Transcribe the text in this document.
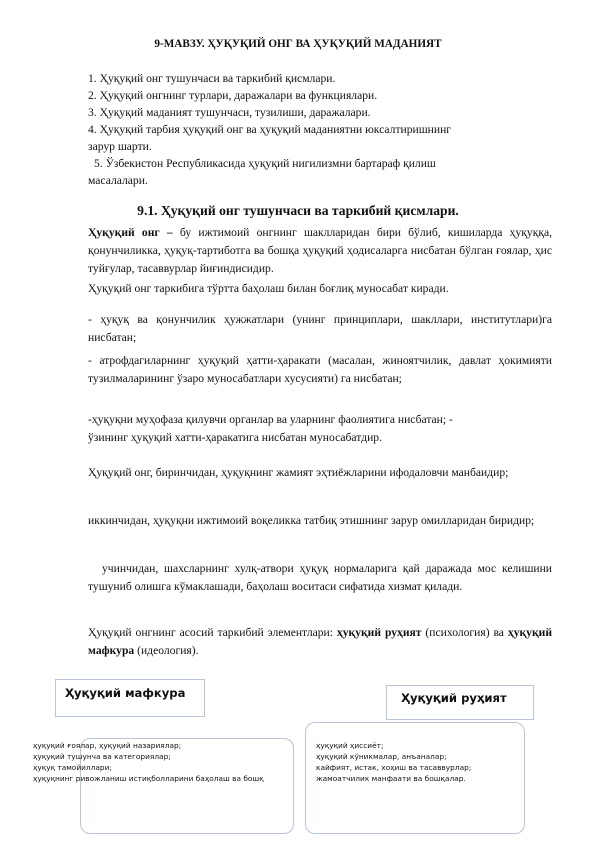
9-МАВЗУ. ҲУҚУҚИЙ ОНГ ВА ҲУҚУҚИЙ МАДАНИЯТ
1. Ҳуқуқий онг тушунчаси ва таркибий қисмлари.
2. Ҳуқуқий онгнинг турлари, даражалари ва функциялари.
3. Ҳуқуқий маданият тушунчаси, тузилиши, даражалари.
4. Ҳуқуқий тарбия ҳуқуқий онг ва ҳуқуқий маданиятни юксалтиришнинг
зарур шарти.
5. Ўзбекистон Республикасида ҳуқуқий нигилизмни бартараф қилиш
масалалари.
9.1. Ҳуқуқий онг тушунчаси ва таркибий қисмлари.
Ҳуқуқий онг – бу ижтимоий онгнинг шаклларидан бири бўлиб, кишиларда ҳуқуққа, қонунчиликка, ҳуқуқ-тартиботга ва бошқа ҳуқуқий ҳодисаларга нисбатан бўлган ғоялар, ҳис туйғулар, тасаввурлар йиғиндисидир.
Ҳуқуқий онг таркибига тўртта баҳолаш билан боғлиқ муносабат киради.
- ҳуқуқ ва қонунчилик ҳужжатлари (унинг принциплари, шакллари, институтлари)га нисбатан;
- атрофдагиларнинг ҳуқуқий ҳатти-ҳаракати (масалан, жиноятчилик, давлат ҳокимияти тузилмаларининг ўзаро муносабатлари хусусияти) га нисбатан;
-ҳуқуқни муҳофаза қилувчи органлар ва уларнинг фаолиятига нисбатан; -
ўзининг ҳуқуқий хатти-ҳаракатига нисбатан муносабатдир.
Ҳуқуқий онг, биринчидан, ҳуқуқнинг жамият эҳтиёжларини ифодаловчи манбаидир;
иккинчидан, ҳуқуқни ижтимоий воқеликка татбиқ этишнинг зарур омилларидан биридир;
учинчидан, шахсларнинг хулқ-атвори ҳуқуқ нормаларига қай даражада мос келишини тушуниб олишга кўмаклашади, баҳолаш воситаси сифатида хизмат қилади.
Ҳуқуқий онгнинг асосий таркибий элементлари: ҳуқуқий руҳият (психология) ва ҳуқуқий мафкура (идеология).
Ҳуқуқий мафкура	Ҳуқуқий руҳият
ҳуқуқий ғоялар, ҳуқуқий назариялар;
ҳуқуқий тушунча ва категориялар;
ҳуқуқ тамойиллари;
ҳуқуқнинг ривожланиш истиқболларини баҳолаш ва бошқ
ҳуқуқий ҳиссиёт;
ҳуқуқий кўникмалар, анъаналар;
кайфият, истак, хоҳиш ва тасаввурлар;
жамоатчилик манфаати ва бошқалар.
